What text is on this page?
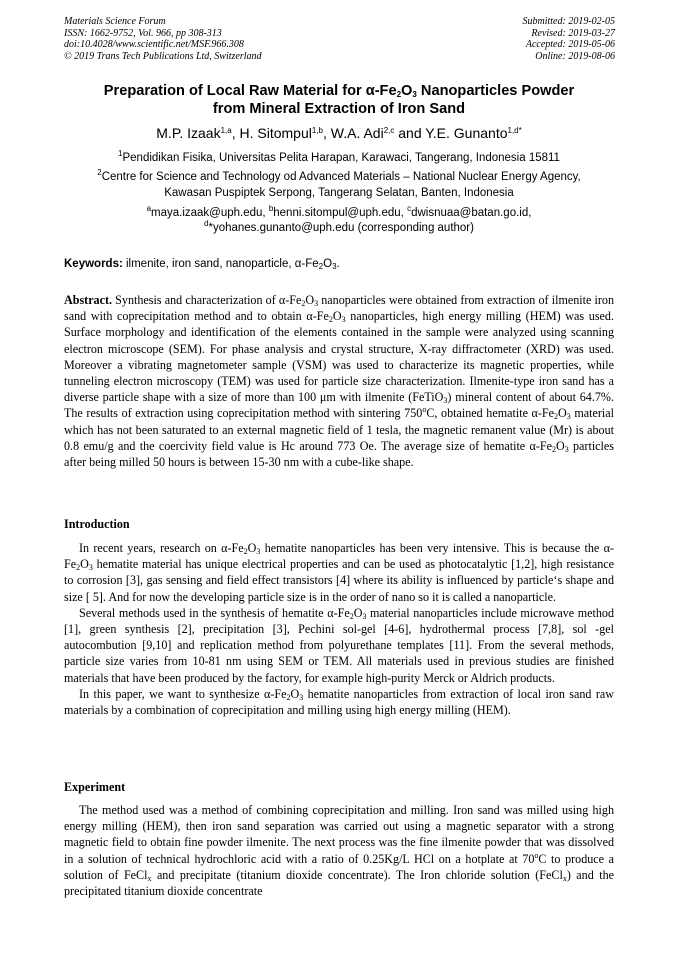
Materials Science Forum
ISSN: 1662-9752, Vol. 966, pp 308-313
doi:10.4028/www.scientific.net/MSF.966.308
© 2019 Trans Tech Publications Ltd, Switzerland
Submitted: 2019-02-05
Revised: 2019-03-27
Accepted: 2019-05-06
Online: 2019-08-06
Preparation of Local Raw Material for $\alpha-Fe_2O_3$ Nanoparticles Powder
from Mineral Extraction of Iron Sand
M.P. Izaak$^{1,a}$, H. Sitompul$^{1,b}$, W.A. Adi$^{2,c}$ and Y.E. Gunanto$^{1,d*}$
$^1$Pendidikan Fisika, Universitas Pelita Harapan, Karawaci, Tangerang, Indonesia 15811
$^2$Centre for Science and Technology od Advanced Materials – National Nuclear Energy Agency,
Kawasan Puspiptek Serpong, Tangerang Selatan, Banten, Indonesia
$^a$maya.izaak@uph.edu, $^b$henni.sitompul@uph.edu, $^c$dwisnuaa@batan.go.id,
$^d$*yohanes.gunanto@uph.edu (corresponding author)
Keywords: ilmenite, iron sand, nanoparticle, $\alpha-Fe_2O_3$.

Abstract. Synthesis and characterization of $\alpha-Fe_2O_3$ nanoparticles were obtained from extraction of ilmenite iron sand with coprecipitation method and to obtain $\alpha-Fe_2O_3$ nanoparticles, high energy milling (HEM) was used. Surface morphology and identification of the elements contained in the sample were analyzed using scanning electron microscope (SEM). For phase analysis and crystal structure, X-ray diffractometer (XRD) was used. Moreover a vibrating magnetometer sample (VSM) was used to characterize its magnetic properties, while tunneling electron microscopy (TEM) was used for particle size characterization. Ilmenite-type iron sand has a diverse particle shape with a size of more than 100 μm with ilmenite (FeTiO$_3$) mineral content of about 64.7%. The results of extraction using coprecipitation method with sintering 750$^o$C, obtained hematite $\alpha-Fe_2O_3$ material which has not been saturated to an external magnetic field of 1 tesla, the magnetic remanent value (Mr) is about 0.8 emu/g and the coercivity field value is Hc around 773 Oe. The average size of hematite $\alpha-Fe_2O_3$ particles after being milled 50 hours is between 15-30 nm with a cube-like shape.

Introduction

In recent years, research on $\alpha-Fe_2O_3$ hematite nanoparticles has been very intensive. This is because the $\alpha-Fe_2O_3$ hematite material has unique electrical properties and can be used as photocatalytic [1,2], high resistance to corrosion [3], gas sensing and field effect transistors [4] where its ability is influenced by particle‘s shape and size [ 5]. And for now the developing particle size is in the order of nano so it is called a nanoparticle.

Several methods used in the synthesis of hematite $\alpha-Fe_2O_3$ material nanoparticles include microwave method [1], green synthesis [2], precipitation [3], Pechini sol-gel [4-6], hydrothermal process [7,8], sol -gel autocombution [9,10] and replication method from polyurethane templates [11]. From the several methods, particle size varies from 10-81 nm using SEM or TEM. All materials used in previous studies are finished materials that have been produced by the factory, for example high-purity Merck or Aldrich products.

In this paper, we want to synthesize $\alpha-Fe_2O_3$ hematite nanoparticles from extraction of local iron sand raw materials by a combination of coprecipitation and milling using high energy milling (HEM).

Experiment

The method used was a method of combining coprecipitation and milling. Iron sand was milled using high energy milling (HEM), then iron sand separation was carried out using a magnetic separator with a strong magnetic field to obtain fine powder ilmenite. The next process was the fine ilmenite powder that was dissolved in a solution of technical hydrochloric acid with a ratio of 0.25Kg/L HCl on a hotplate at 70$^o$C to produce a solution of FeCl$_x$ and precipitate (titanium dioxide concentrate). The Iron chloride solution (FeCl$_x$) and the precipitated titanium dioxide concentrate
